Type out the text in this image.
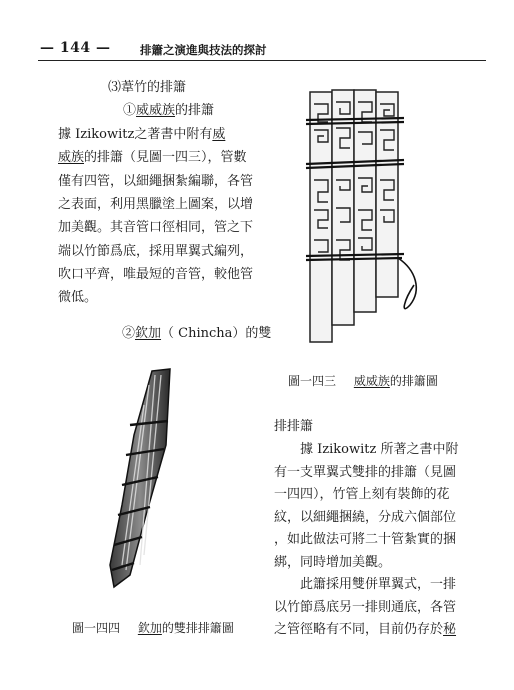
— 144 —	排簫之演進與技法的探討
⑶葦竹的排簫
①威威族的排簫
據 Izikowitz之著書中附有威
威族的排簫（見圖一四三），管數
僅有四管，以細繩捆紮編聯，各管
之表面，利用黑臘塗上圖案，以增
加美觀。其音管口徑相同，管之下
端以竹節爲底，採用單翼式編列，
吹口平齊，唯最短的音管，較他管
微低。
②欽加（ Chincha）的雙
圖一四三 威威族的排簫圖
圖一四四 欽加的雙排排簫圖
排排簫
　　據 Izikowitz 所著之書中附
有一支單翼式雙排的排簫（見圖
一四四），竹管上刻有裝飾的花
紋，以細繩捆繞，分成六個部位
，如此做法可將二十管紮實的捆
綁，同時增加美觀。
　　此簫採用雙併單翼式，一排
以竹節爲底另一排則通底，各管
之管徑略有不同，目前仍存於秘
